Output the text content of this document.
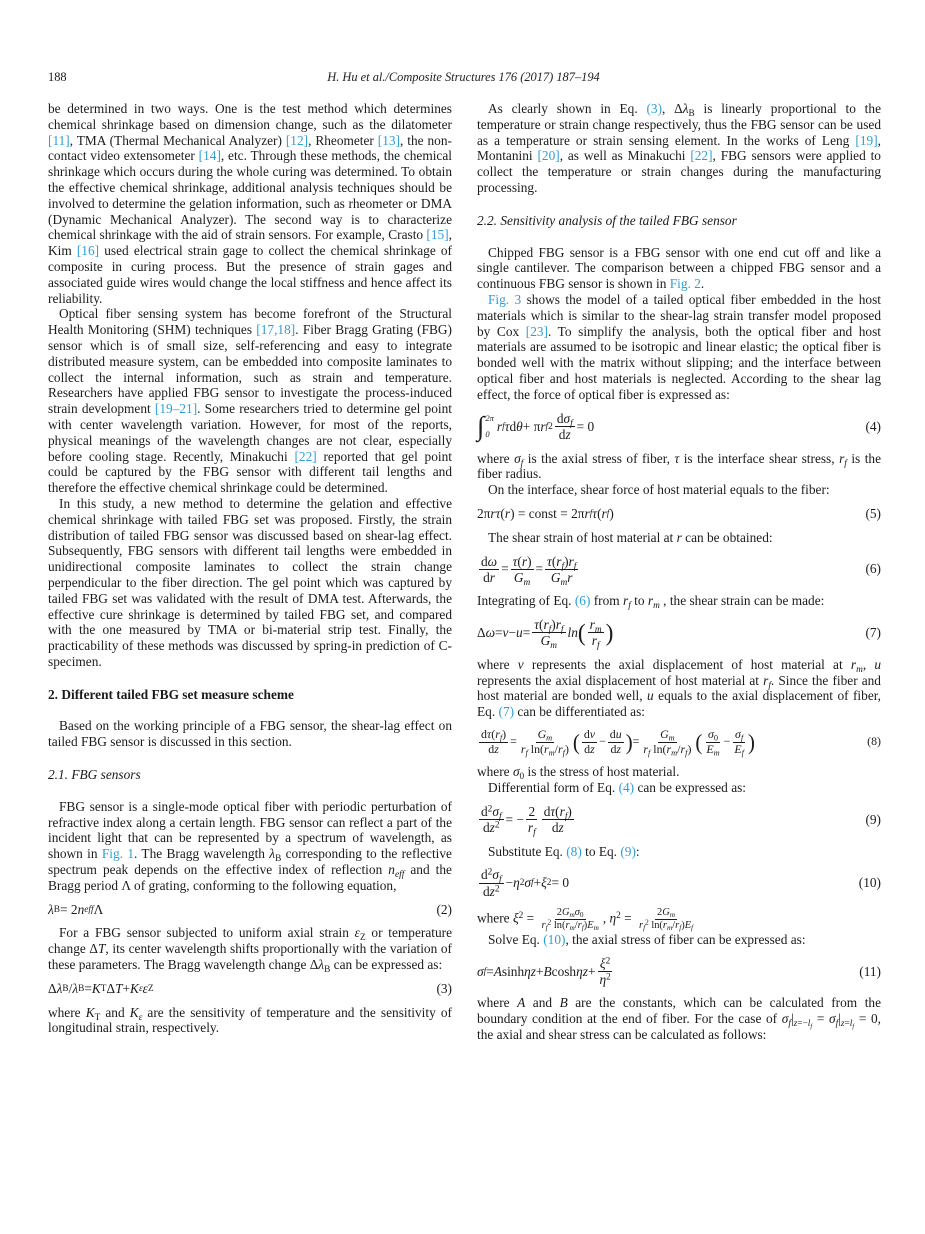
188	H. Hu et al./Composite Structures 176 (2017) 187–194

be determined in two ways. One is the test method which determines chemical shrinkage based on dimension change, such as the dilatometer [11], TMA (Thermal Mechanical Analyzer) [12], Rheometer [13], the non-contact video extensometer [14], etc. Through these methods, the chemical shrinkage which occurs during the whole curing was determined. To obtain the effective chemical shrinkage, additional analysis techniques should be involved to determine the gelation information, such as rheometer or DMA (Dynamic Mechanical Analyzer). The second way is to characterize chemical shrinkage with the aid of strain sensors. For example, Crasto [15], Kim [16] used electrical strain gage to collect the chemical shrinkage of composite in curing process. But the presence of strain gages and associated guide wires would change the local stiffness and hence affect its reliability.

Optical fiber sensing system has become forefront of the Structural Health Monitoring (SHM) techniques [17,18]. Fiber Bragg Grating (FBG) sensor which is of small size, self-referencing and easy to integrate distributed measure system, can be embedded into composite laminates to collect the internal information, such as strain and temperature. Researchers have applied FBG sensor to investigate the process-induced strain development [19–21]. Some researchers tried to determine gel point with center wavelength variation. However, for most of the reports, physical meanings of the wavelength changes are not clear, especially before cooling stage. Recently, Minakuchi [22] reported that gel point could be captured by the FBG sensor with different tail lengths and therefore the effective chemical shrinkage could be determined.

In this study, a new method to determine the gelation and effective chemical shrinkage with tailed FBG set was proposed. Firstly, the strain distribution of tailed FBG sensor was discussed based on shear-lag effect. Subsequently, FBG sensors with different tail lengths were embedded in unidirectional composite laminates to collect the strain change perpendicular to the fiber direction. The gel point which was captured by tailed FBG set was validated with the result of DMA test. Afterwards, the effective cure shrinkage is determined by tailed FBG set, and compared with the one measured by TMA or bi-material strip test. Finally, the practicability of these methods was discussed by spring-in prediction of C-specimen.

2. Different tailed FBG set measure scheme

Based on the working principle of a FBG sensor, the shear-lag effect on tailed FBG sensor is discussed in this section.

2.1. FBG sensors

FBG sensor is a single-mode optical fiber with periodic perturbation of refractive index along a certain length. FBG sensor can reflect a part of the incident light that can be represented by a spectrum of wavelength, as shown in Fig. 1. The Bragg wavelength $\lambda_B$ corresponding to the reflective spectrum peak depends on the effective index of reflection $n_{eff}$ and the Bragg period Λ of grating, conforming to the following equation,

λ B = 2 n eff Λ	(2)

For a FBG sensor subjected to uniform axial strain $\varepsilon_Z$ or temperature change ΔT, its center wavelength shifts proportionally with the variation of these parameters. The Bragg wavelength change $\Delta\lambda_B$ can be expressed as:

Δ λ B / λ B = K T Δ T + K ε ε Z	(3)

where $K_T$ and $K_\varepsilon$ are the sensitivity of temperature and the sensitivity of longitudinal strain, respectively.

As clearly shown in Eq. (3), $\Delta\lambda_B$ is linearly proportional to the temperature or strain change respectively, thus the FBG sensor can be used as a temperature or strain sensing element. In the works of Leng [19], Montanini [20], as well as Minakuchi [22], FBG sensors were applied to collect the temperature or strain changes during the manufacturing processing.

2.2. Sensitivity analysis of the tailed FBG sensor

Chipped FBG sensor is a FBG sensor with one end cut off and like a single cantilever. The comparison between a chipped FBG sensor and a continuous FBG sensor is shown in Fig. 2.

Fig. 3 shows the model of a tailed optical fiber embedded in the host materials which is similar to the shear-lag strain transfer model proposed by Cox [23]. To simplify the analysis, both the optical fiber and host materials are assumed to be isotropic and linear elastic; the optical fiber is bonded well with the matrix without slipping; and the interface between optical fiber and host materials is neglected. According to the shear lag effect, the force of optical fiber is expressed as:

∫ 2π
0
r f τ d θ + π r f $2 \frac{d\sigma_f}{dz} = 0$	(4)

where $\sigma_f$ is the axial stress of fiber, τ is the interface shear stress, $r_f$ is the fiber radius.

On the interface, shear force of host material equals to the fiber:

2π r τ ( r ) = const = 2π r f τ ( r f )	(5)

The shear strain of host material at r can be obtained:

$\frac{d\omega}{dr} = \frac{\tau(r)}{G_m} = \frac{\tau(r_f)r_f}{G_mr}$	(6)

Integrating of Eq. (6) from $r_f$ to $r_m$ , the shear strain can be made:

Δ $\omega = v - u = \frac{\tau(r_f)r_f}{G_m}$ ln ( $\frac{r_m}{r_f}$ )	(7)

where v represents the axial displacement of host material at $r_m$, u represents the axial displacement of host material at $r_f$. Since the fiber and host material are bonded well, u equals to the axial displacement of fiber, Eq. (7) can be differentiated as:

$\frac{d\tau(r_f)}{dz} = \frac{G_m}{r_f \ln(r_m/r_f)}$ ( $\frac{dv}{dz} - \frac{du}{dz}$ ) = $\frac{G_m}{r_f \ln(r_m/r_f)}$ ( $\frac{\sigma_0}{E_m} - \frac{\sigma_f}{E_f}$ )	(8)

where $\sigma_0$ is the stress of host material.

Differential form of Eq. (4) can be expressed as:

$\frac{d^2\sigma_f}{dz^2}$ = − $\frac{2}{r_f} \frac{d\tau(r_f)}{dz}$	(9)

Substitute Eq. (8) to Eq. (9):

$\frac{d^2\sigma_f}{dz^2} - \eta$ 2 σ f + ξ 2 = 0	(10)

where $\xi^2 = \frac{2G_m\sigma_0}{r_f^2 \ln(r_m/r_f)E_m}$ , $\eta^2 = \frac{2G_m}{r_f^2 \ln(r_m/r_f)E_f}$

Solve Eq. (10), the axial stress of fiber can be expressed as:

σ f = A sinh η z + B cosh η $z + \frac{\xi^2}{\eta^2}$	(11)

where A and B are the constants, which can be calculated from the boundary condition at the end of fiber. For the case of $\sigma_f|_{z=-l_f} = \sigma_f|_{z=l_f} = 0$, the axial and shear stress can be calculated as follows:
